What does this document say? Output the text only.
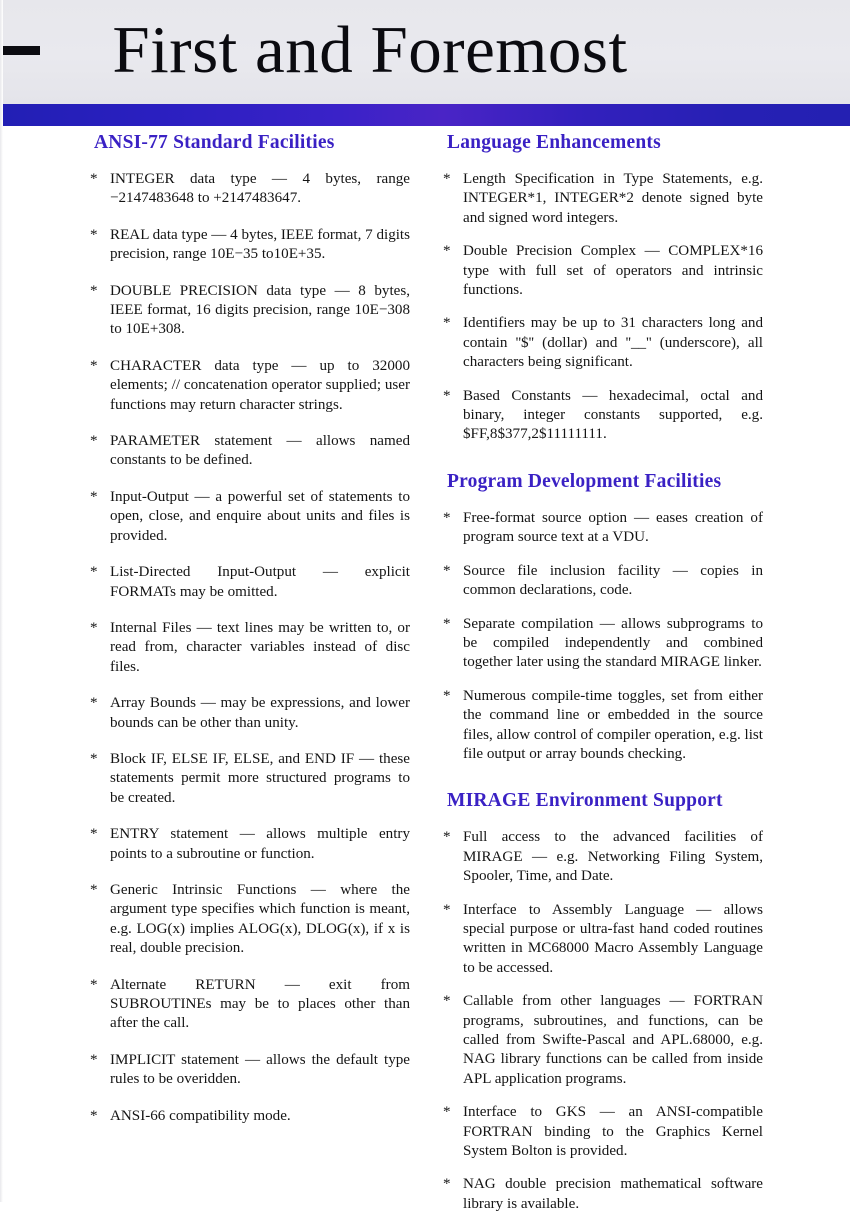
First and Foremost
ANSI-77 Standard Facilities
* INTEGER data type — 4 bytes, range −2147483648 to +2147483647.
* REAL data type — 4 bytes, IEEE format, 7 digits precision, range 10E−35 to10E+35.
* DOUBLE PRECISION data type — 8 bytes, IEEE format, 16 digits precision, range 10E−308 to 10E+308.
* CHARACTER data type — up to 32000 elements; // concatenation operator supplied; user functions may return character strings.
* PARAMETER statement — allows named constants to be defined.
* Input-Output — a powerful set of statements to open, close, and enquire about units and files is provided.
* List-Directed Input-Output — explicit FORMATs may be omitted.
* Internal Files — text lines may be written to, or read from, character variables instead of disc files.
* Array Bounds — may be expressions, and lower bounds can be other than unity.
* Block IF, ELSE IF, ELSE, and END IF — these statements permit more structured programs to be created.
* ENTRY statement — allows multiple entry points to a subroutine or function.
* Generic Intrinsic Functions — where the argument type specifies which function is meant, e.g. LOG(x) implies ALOG(x), DLOG(x), if x is real, double precision.
* Alternate RETURN — exit from SUBROUTINEs may be to places other than after the call.
* IMPLICIT statement — allows the default type rules to be overidden.
* ANSI-66 compatibility mode.
Language Enhancements
* Length Specification in Type Statements, e.g. INTEGER*1, INTEGER*2 denote signed byte and signed word integers.
* Double Precision Complex — COMPLEX*16 type with full set of operators and intrinsic functions.
* Identifiers may be up to 31 characters long and contain ''$'' (dollar) and ''__'' (underscore), all characters being significant.
* Based Constants — hexadecimal, octal and binary, integer constants supported, e.g. $FF,8$377,2$11111111.
Program Development Facilities
* Free-format source option — eases creation of program source text at a VDU.
* Source file inclusion facility — copies in common declarations, code.
* Separate compilation — allows subprograms to be compiled independently and combined together later using the standard MIRAGE linker.
* Numerous compile-time toggles, set from either the command line or embedded in the source files, allow control of compiler operation, e.g. list file output or array bounds checking.
MIRAGE Environment Support
* Full access to the advanced facilities of MIRAGE — e.g. Networking Filing System, Spooler, Time, and Date.
* Interface to Assembly Language — allows special purpose or ultra-fast hand coded routines written in MC68000 Macro Assembly Language to be accessed.
* Callable from other languages — FORTRAN programs, subroutines, and functions, can be called from Swifte-Pascal and APL.68000, e.g. NAG library functions can be called from inside APL application programs.
* Interface to GKS — an ANSI-compatible FORTRAN binding to the Graphics Kernel System Bolton is provided.
* NAG double precision mathematical software library is available.
